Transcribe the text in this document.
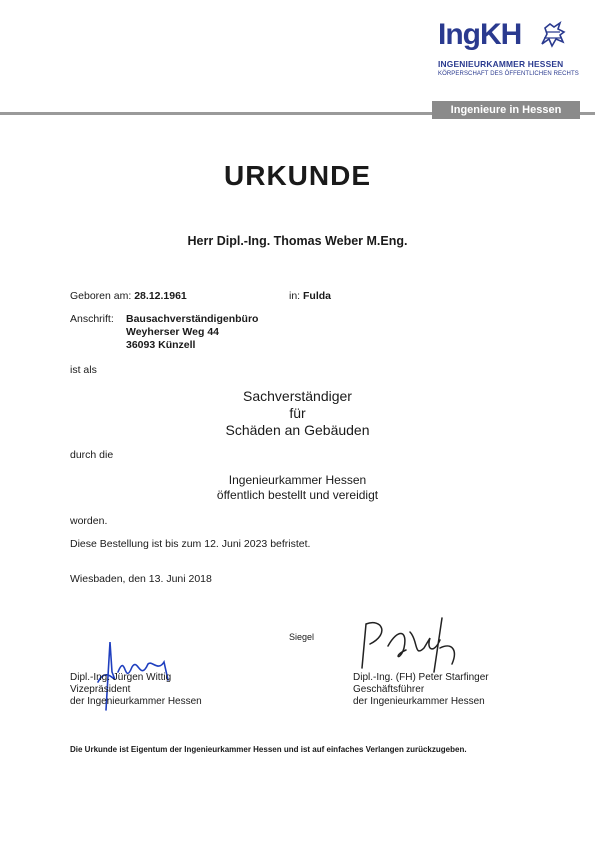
IngKH
INGENIEURKAMMER HESSEN
KÖRPERSCHAFT DES ÖFFENTLICHEN RECHTS
Ingenieure in Hessen
URKUNDE
Herr Dipl.-Ing. Thomas Weber M.Eng.
Geboren am: 28.12.1961	in: Fulda
Anschrift: Bausachverständigenbüro
Weyherser Weg 44
36093 Künzell
ist als
Sachverständiger
für
Schäden an Gebäuden
durch die
Ingenieurkammer Hessen
öffentlich bestellt und vereidigt
worden.
Diese Bestellung ist bis zum 12. Juni 2023 befristet.
Wiesbaden, den 13. Juni 2018
Siegel
Dipl.-Ing. Jürgen Wittig
Vizepräsident
der Ingenieurkammer Hessen
Dipl.-Ing. (FH) Peter Starfinger
Geschäftsführer
der Ingenieurkammer Hessen
Die Urkunde ist Eigentum der Ingenieurkammer Hessen und ist auf einfaches Verlangen zurückzugeben.
